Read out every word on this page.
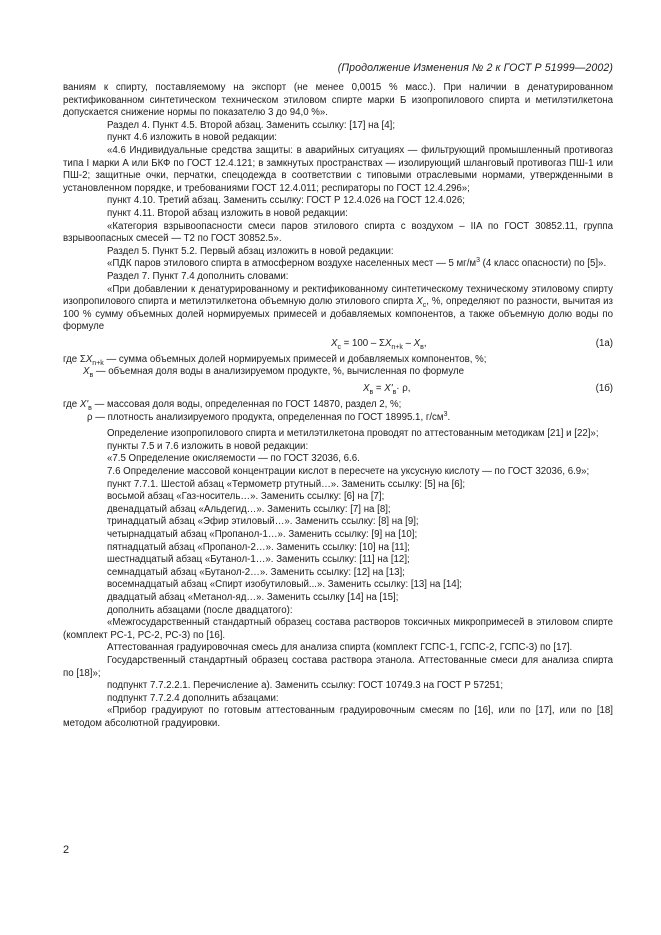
(Продолжение Изменения № 2 к ГОСТ Р 51999—2002)

ваниям к спирту, поставляемому на экспорт (не менее 0,0015 % масс.). При наличии в денатурированном ректификованном синтетическом техническом этиловом спирте марки Б изопропилового спирта и метилэтилкетона допускается снижение нормы по показателю 3 до 94,0 %».

Раздел 4. Пункт 4.5. Второй абзац. Заменить ссылку: [17] на [4];

пункт 4.6 изложить в новой редакции:

«4.6 Индивидуальные средства защиты: в аварийных ситуациях — фильтрующий промышленный противогаз типа I марки А или БКФ по ГОСТ 12.4.121; в замкнутых пространствах — изолирующий шланговый противогаз ПШ-1 или ПШ-2; защитные очки, перчатки, спецодежда в соответствии с типовыми отраслевыми нормами, утвержденными в установленном порядке, и требованиями ГОСТ 12.4.011; респираторы по ГОСТ 12.4.296»;

пункт 4.10. Третий абзац. Заменить ссылку: ГОСТ Р 12.4.026 на ГОСТ 12.4.026;

пункт 4.11. Второй абзац изложить в новой редакции:

«Категория взрывоопасности смеси паров этилового спирта с воздухом – IIA по ГОСТ 30852.11, группа взрывоопасных смесей — Т2 по ГОСТ 30852.5».

Раздел 5. Пункт 5.2. Первый абзац изложить в новой редакции:

«ПДК паров этилового спирта в атмосферном воздухе населенных мест — 5 $мг/м^3$ (4 класс опасности) по [5]».

Раздел 7. Пункт 7.4 дополнить словами:

«При добавлении к денатурированному и ректификованному синтетическому техническому этиловому спирту изопропилового спирта и метилэтилкетона объемную долю этилового спирта $X_c$, %, определяют по разности, вычитая из 100 % сумму объемных долей нормируемых примесей и добавляемых компонентов, а также объемную долю воды по формуле

$X_c = 100 - \Sigma X_{n+k} - X_в$,	(1а)

где $\Sigma X_{n+k}$ — сумма объемных долей нормируемых примесей и добавляемых компонентов, %;

$X_в$ — объемная доля воды в анализируемом продукте, %, вычисленная по формуле

$X_в = X'_в\cdot \rho$,	(1б)

где $X'_в$ — массовая доля воды, определенная по ГОСТ 14870, раздел 2, %;

ρ — плотность анализируемого продукта, определенная по ГОСТ 18995.1, $г/см^3$.

Определение изопропилового спирта и метилэтилкетона проводят по аттестованным методикам [21] и [22]»;

пункты 7.5 и 7.6 изложить в новой редакции:

«7.5 Определение окисляемости — по ГОСТ 32036, 6.6.

7.6 Определение массовой концентрации кислот в пересчете на уксусную кислоту — по ГОСТ 32036, 6.9»;

пункт 7.7.1. Шестой абзац «Термометр ртутный…». Заменить ссылку: [5] на [6];

восьмой абзац «Газ-носитель…». Заменить ссылку: [6] на [7];

двенадцатый абзац «Альдегид…». Заменить ссылку: [7] на [8];

тринадцатый абзац «Эфир этиловый…». Заменить ссылку: [8] на [9];

четырнадцатый абзац «Пропанол-1…». Заменить ссылку: [9] на [10];

пятнадцатый абзац «Пропанол-2…». Заменить ссылку: [10] на [11];

шестнадцатый абзац «Бутанол-1…». Заменить ссылку: [11] на [12];

семнадцатый абзац «Бутанол-2…». Заменить ссылку: [12] на [13];

восемнадцатый абзац «Спирт изобутиловый...». Заменить ссылку: [13] на [14];

двадцатый абзац «Метанол-яд…». Заменить ссылку [14] на [15];

дополнить абзацами (после двадцатого):

«Межгосударственный стандартный образец состава растворов токсичных микропримесей в этиловом спирте (комплект РС-1, РС-2, РС-3) по [16].

Аттестованная градуировочная смесь для анализа спирта (комплект ГСПС-1, ГСПС-2, ГСПС-3) по [17].

Государственный стандартный образец состава раствора этанола. Аттестованные смеси для анализа спирта по [18]»;

подпункт 7.7.2.2.1. Перечисление а). Заменить ссылку: ГОСТ 10749.3 на ГОСТ Р 57251;

подпункт 7.7.2.4 дополнить абзацами:

«Прибор градуируют по готовым аттестованным градуировочным смесям по [16], или по [17], или по [18] методом абсолютной градуировки.

2
